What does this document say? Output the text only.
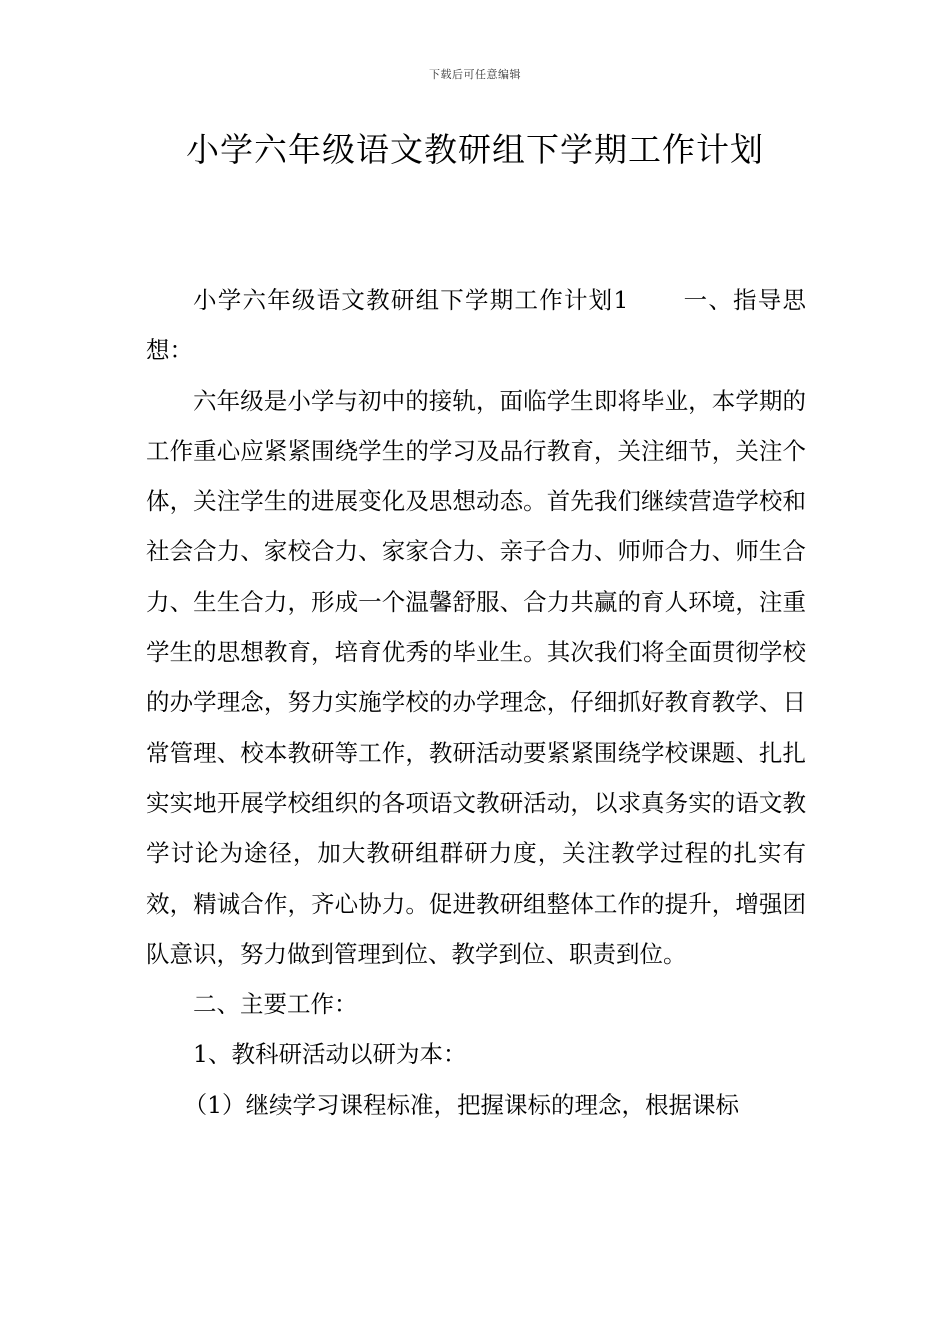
下载后可任意编辑
小学六年级语文教研组下学期工作计划

小学六年级语文教研组下学期工作计划1 一、指导思想：

六年级是小学与初中的接轨，面临学生即将毕业，本学期的工作重心应紧紧围绕学生的学习及品行教育，关注细节，关注个体，关注学生的进展变化及思想动态。首先我们继续营造学校和社会合力、家校合力、家家合力、亲子合力、师师合力、师生合力、生生合力，形成一个温馨舒服、合力共赢的育人环境，注重学生的思想教育，培育优秀的毕业生。其次我们将全面贯彻学校的办学理念，努力实施学校的办学理念，仔细抓好教育教学、日常管理、校本教研等工作，教研活动要紧紧围绕学校课题、扎扎实实地开展学校组织的各项语文教研活动，以求真务实的语文教学讨论为途径，加大教研组群研力度，关注教学过程的扎实有效，精诚合作，齐心协力。促进教研组整体工作的提升，增强团队意识，努力做到管理到位、教学到位、职责到位。

二、主要工作：

1、教科研活动以研为本：

（1）继续学习课程标准，把握课标的理念，根据课标
